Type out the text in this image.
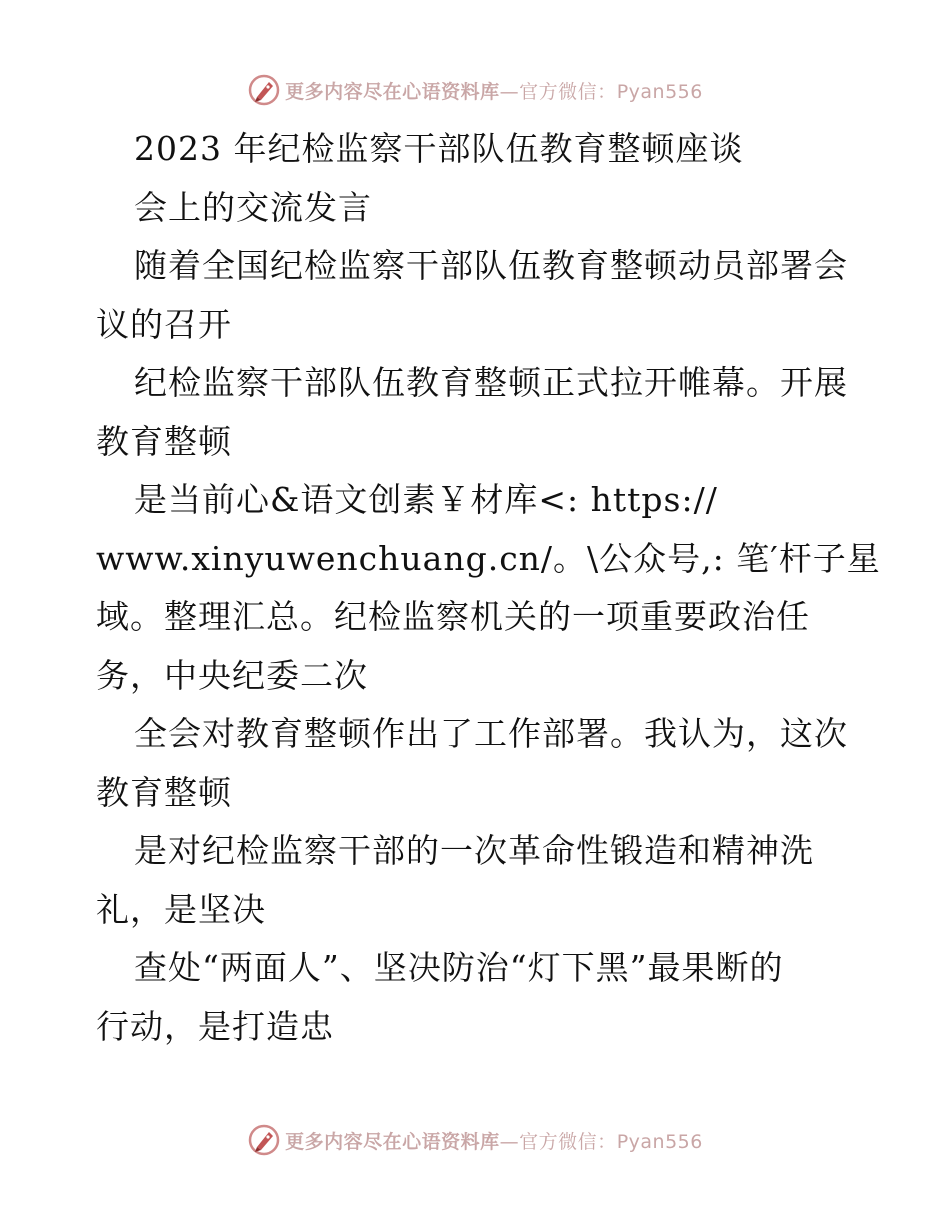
更多内容尽在心语资料库—官方微信：Pyan556
2023 年纪检监察干部队伍教育整顿座谈
会上的交流发言
随着全国纪检监察干部队伍教育整顿动员部署会
议的召开
纪检监察干部队伍教育整顿正式拉开帷幕。开展
教育整顿
是当前心&语文创素￥材库<: https://
www.xinyuwenchuang.cn/。\公众号,: 笔′杆子星
域。整理汇总。纪检监察机关的一项重要政治任
务，中央纪委二次
全会对教育整顿作出了工作部署。我认为，这次
教育整顿
是对纪检监察干部的一次革命性锻造和精神洗
礼，是坚决
查处“两面人”、坚决防治“灯下黑”最果断的
行动，是打造忠
更多内容尽在心语资料库—官方微信：Pyan556
